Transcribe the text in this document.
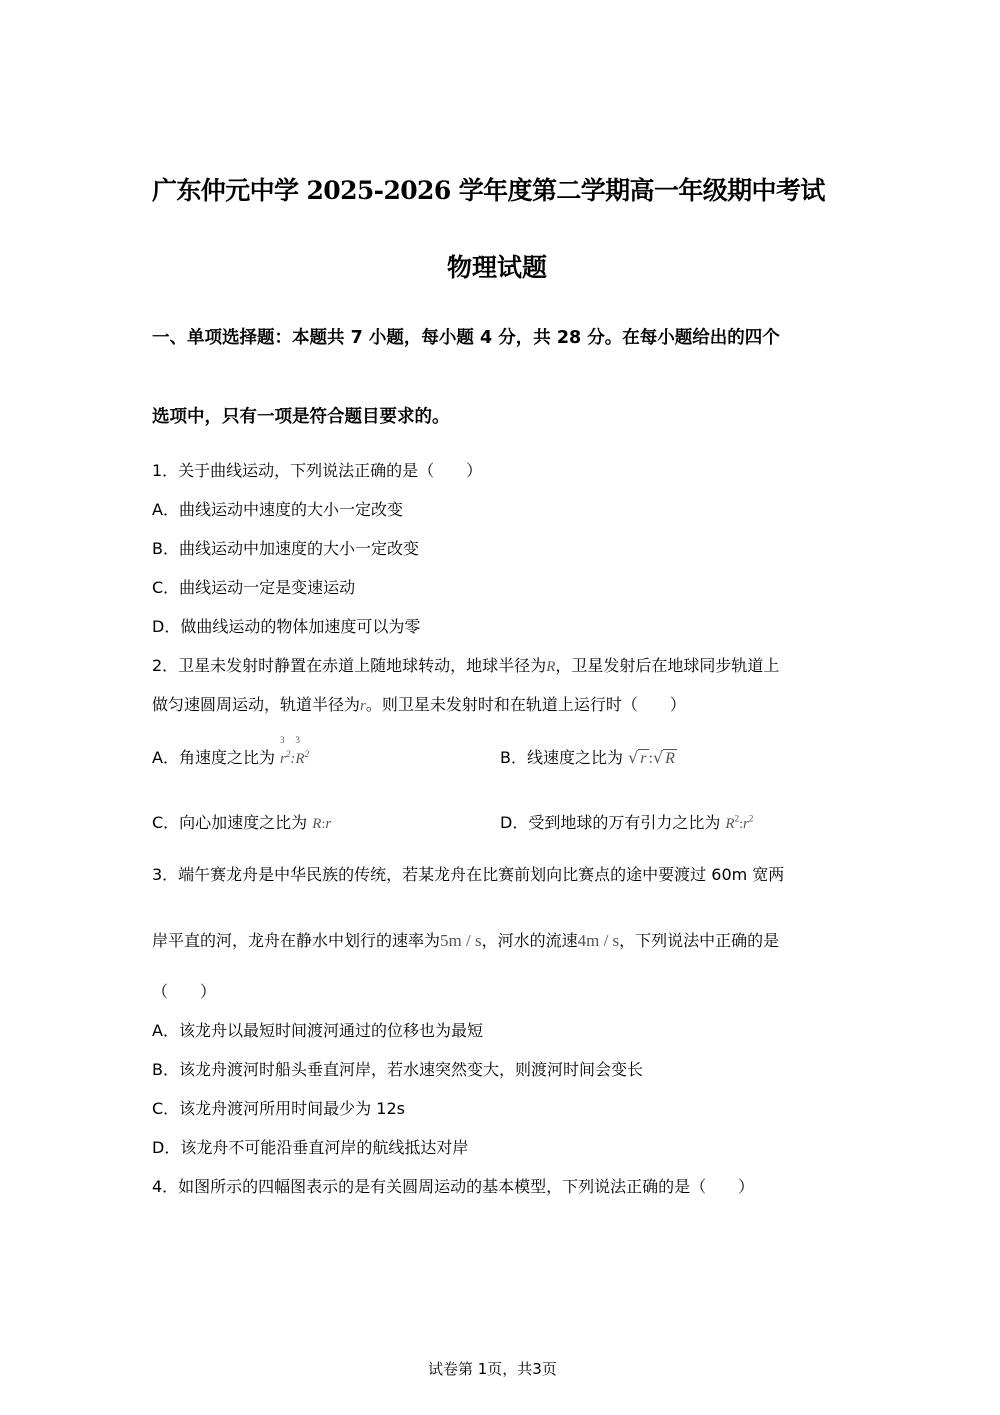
广东仲元中学 2025-2026 学年度第二学期高一年级期中考试
物理试题
一、单项选择题：本题共 7 小题，每小题 4 分，共 28 分。在每小题给出的四个
选项中，只有一项是符合题目要求的。
1．关于曲线运动，下列说法正确的是（　　）
A．曲线运动中速度的大小一定改变
B．曲线运动中加速度的大小一定改变
C．曲线运动一定是变速运动
D．做曲线运动的物体加速度可以为零
2．卫星未发射时静置在赤道上随地球转动，地球半径为R，卫星发射后在地球同步轨道上
做匀速圆周运动，轨道半径为r。则卫星未发射时和在轨道上运行时（　　）
A．角速度之比为
3
$r^2$:
3
$R^2$	B．线速度之比为 √ r :√ R
C．向心加速度之比为 R:r	D．受到地球的万有引力之比为 $R^2:r^2$
3．端午赛龙舟是中华民族的传统，若某龙舟在比赛前划向比赛点的途中要渡过 60m 宽两
岸平直的河，龙舟在静水中划行的速率为5m / s，河水的流速4m / s，下列说法中正确的是
（　　）
A．该龙舟以最短时间渡河通过的位移也为最短
B．该龙舟渡河时船头垂直河岸，若水速突然变大，则渡河时间会变长
C．该龙舟渡河所用时间最少为 12s
D．该龙舟不可能沿垂直河岸的航线抵达对岸
4．如图所示的四幅图表示的是有关圆周运动的基本模型，下列说法正确的是（　　）
试卷第 1页，共3页
